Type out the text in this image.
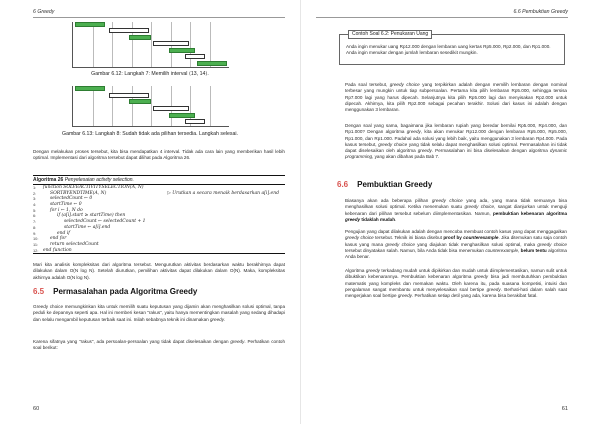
6 Greedy
Gambar 6.12: Langkah 7: Memilih interval ⟨13, 14⟩.
Gambar 6.13: Langkah 8: Sudah tidak ada pilihan tersedia. Langkah selesai.
Dengan melakukan proses tersebut, kita bisa mendapatkan 4 interval. Tidak ada cara lain yang memberikan hasil lebih optimal. Implementasi dari algoritma tersebut dapat dilihat pada Algoritma 26.
Algoritma 26 Penyelesaian activity selection.
1:	function SOLVEACTIVITYSELECTION(A, N)
2:	SORTBYENDTIME(A, N)	▷ Urutkan a secara menaik berdasarkan a[i].end
3:	selectedCount ← 0
4:	startTime ← 0
5:	for i ← 1, N do
6:	if (a[i].start ≥ startTime) then
7:	selectedCount ← selectedCount + 1
8:	startTime ← a[i].end
9:	end if
10:	end for
11:	return selectedCount
12:	end function
Mari kita analisis kompleksitas dari algoritma tersebut. Mengurutkan aktivitas berdasarkan waktu berakhirnya dapat dilakukan dalam O(N log N). Setelah diurutkan, pemilihan aktivitas dapat dilakukan dalam O(N). Maka, kompleksitas akhirnya adalah O(N log N).
6.5 Permasalahan pada Algoritma Greedy
Greedy choice memungkinkan kita untuk memilih suatu keputusan yang dijamin akan menghasilkan solusi optimal, tanpa peduli ke depannya seperti apa. Hal ini memberi kesan "rakus", yaitu hanya mementingkan masalah yang sedang dihadapi dan selalu mengambil keputusan terbaik saat ini. Inilah sebabnya teknik ini dinamakan greedy.
Karena sifatnya yang "rakus", ada persoalan-persoalan yang tidak dapat diselesaikan dengan greedy. Perhatikan contoh soal berikut:
60
6.6 Pembuktian Greedy
Contoh Soal 6.2: Penukaran Uang
Anda ingin menukar uang Rp12.000 dengan lembaran uang kertas Rp5.000, Rp2.000, dan Rp1.000. Anda ingin menukar dengan jumlah lembaran sesedikit mungkin.
Pada soal tersebut, greedy choice yang terpikirkan adalah dengan memilih lembaran dengan nominal terbesar yang mungkin untuk tiap subpersoalan. Pertama kita pilih lembaran Rp5.000, sehingga tersisa Rp7.000 lagi yang harus dipecah. Selanjutnya kita pilih Rp5.000 lagi dan menyisakan Rp2.000 untuk dipecah. Akhirnya, kita pilih Rp2.000 sebagai pecahan terakhir. Solusi dari kasus ini adalah dengan menggunakan 3 lembaran.
Dengan soal yang sama, bagaimana jika lembaran rupiah yang beredar bernilai Rp5.000, Rp4.000, dan Rp1.000? Dengan algoritma greedy, kita akan menukar Rp12.000 dengan lembaran Rp5.000, Rp5.000, Rp1.000, dan Rp1.000. Padahal ada solusi yang lebih baik, yaitu menggunakan 3 lembaran Rp4.000. Pada kasus tersebut, greedy choice yang tidak selalu dapat menghasilkan solusi optimal. Permasalahan ini tidak dapat diselesaikan oleh algoritma greedy. Permasalahan ini bisa diselesaikan dengan algoritma dynamic programming, yang akan dibahas pada Bab 7.
6.6 Pembuktian Greedy
Biasanya akan ada beberapa pilihan greedy choice yang ada, yang mana tidak semuanya bisa menghasilkan solusi optimal. Ketika menemukan suatu greedy choice, sangat dianjurkan untuk menguji kebenaran dari pilihan tersebut sebelum diimplementasikan. Namun, pembuktian kebenaran algoritma greedy tidaklah mudah.
Pengujian yang dapat dilakukan adalah dengan mencoba membuat contoh kasus yang dapat menggagalkan greedy choice tersebut. Teknik ini biasa disebut proof by counterexample. Jika ditemukan satu saja contoh kasus yang mana greedy choice yang diajukan tidak menghasilkan solusi optimal, maka greedy choice tersebut dinyatakan salah. Namun, bila Anda tidak bisa menemukan counterexample, belum tentu algoritma Anda benar.
Algoritma greedy terkadang mudah untuk dipikirkan dan mudah untuk diimplementasikan, namun sulit untuk dibuktikan kebenarannya. Pembuktian kebenaran algoritma greedy bisa jadi membutuhkan pembuktian matematis yang kompleks dan memakan waktu. Oleh karena itu, pada suasana kompetisi, intuisi dan pengalaman sangat membantu untuk menyelesaikan soal bertipe greedy. Berhati-hati dalam salah saat mengerjakan soal bertipe greedy. Perhatikan setiap detil yang ada, karena bisa berakibat fatal.
61
